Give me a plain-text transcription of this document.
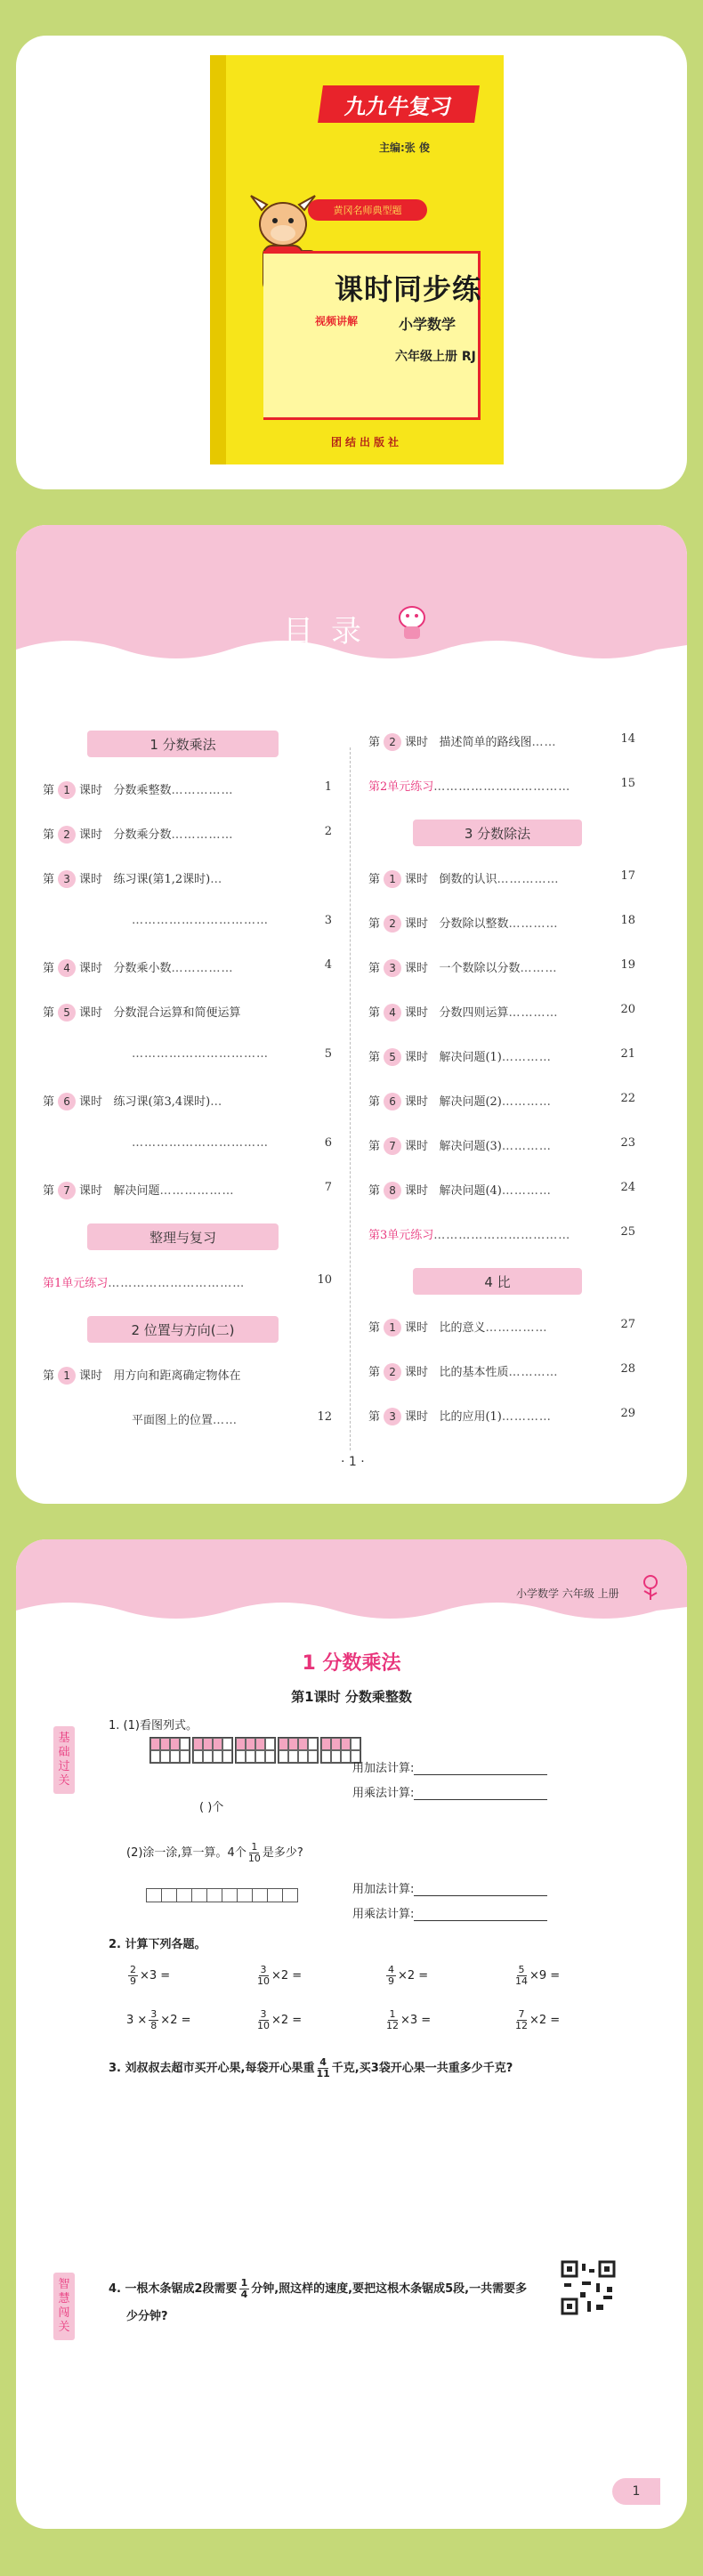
九九牛复习
主编:张 俊
黄冈名师典型题
课时同步练
视频讲解	小学数学
六年级上册 RJ
团结出版社
目录
1 分数乘法
第 1 课时 分数乘整数……………	1
第 2 课时 分数乘分数……………	2
第 3 课时 练习课(第1,2课时)…
……………………………	3
第 4 课时 分数乘小数……………	4
第 5 课时 分数混合运算和简便运算
……………………………	5
第 6 课时 练习课(第3,4课时)…
……………………………	6
第 7 课时 解决问题………………	7
整理与复习
第1单元练习……………………………	10
2 位置与方向(二)
第 1 课时 用方向和距离确定物体在
平面图上的位置……	12
第 2 课时 描述简单的路线图……	14
第2单元练习……………………………	15
3 分数除法
第 1 课时 倒数的认识……………	17
第 2 课时 分数除以整数…………	18
第 3 课时 一个数除以分数………	19
第 4 课时 分数四则运算…………	20
第 5 课时 解决问题(1)…………	21
第 6 课时 解决问题(2)…………	22
第 7 课时 解决问题(3)…………	23
第 8 课时 解决问题(4)…………	24
第3单元练习……………………………	25
4 比
第 1 课时 比的意义……………	27
第 2 课时 比的基本性质…………	28
第 3 课时 比的应用(1)…………	29
· 1 ·
小学数学 六年级 上册
1 分数乘法
第1课时 分数乘整数
基础过关
1. (1)看图列式。
( )个
用加法计算:
用乘法计算:
(2)涂一涂,算一算。4个 $\frac{1}{10}$ 是多少?
用加法计算:
用乘法计算:
2. 计算下列各题。
$\frac{2}{9} \times 3$ =	$\frac{3}{10} \times 2$ =	$\frac{4}{9} \times 2$ =	$\frac{5}{14} \times 9$ =
$3 \times \frac{3}{8} \times 2$ =	$\frac{3}{10} \times 2$ =	$\frac{1}{12} \times 3$ =	$\frac{7}{12} \times 2$ =
3. 刘叔叔去超市买开心果,每袋开心果重 $\frac{4}{11}$ 千克,买3袋开心果一共重多少千克?
智慧闯关
4. 一根木条锯成2段需要 $\frac{1}{4}$ 分钟,照这样的速度,要把这根木条锯成5段,一共需要多
少分钟?
1
